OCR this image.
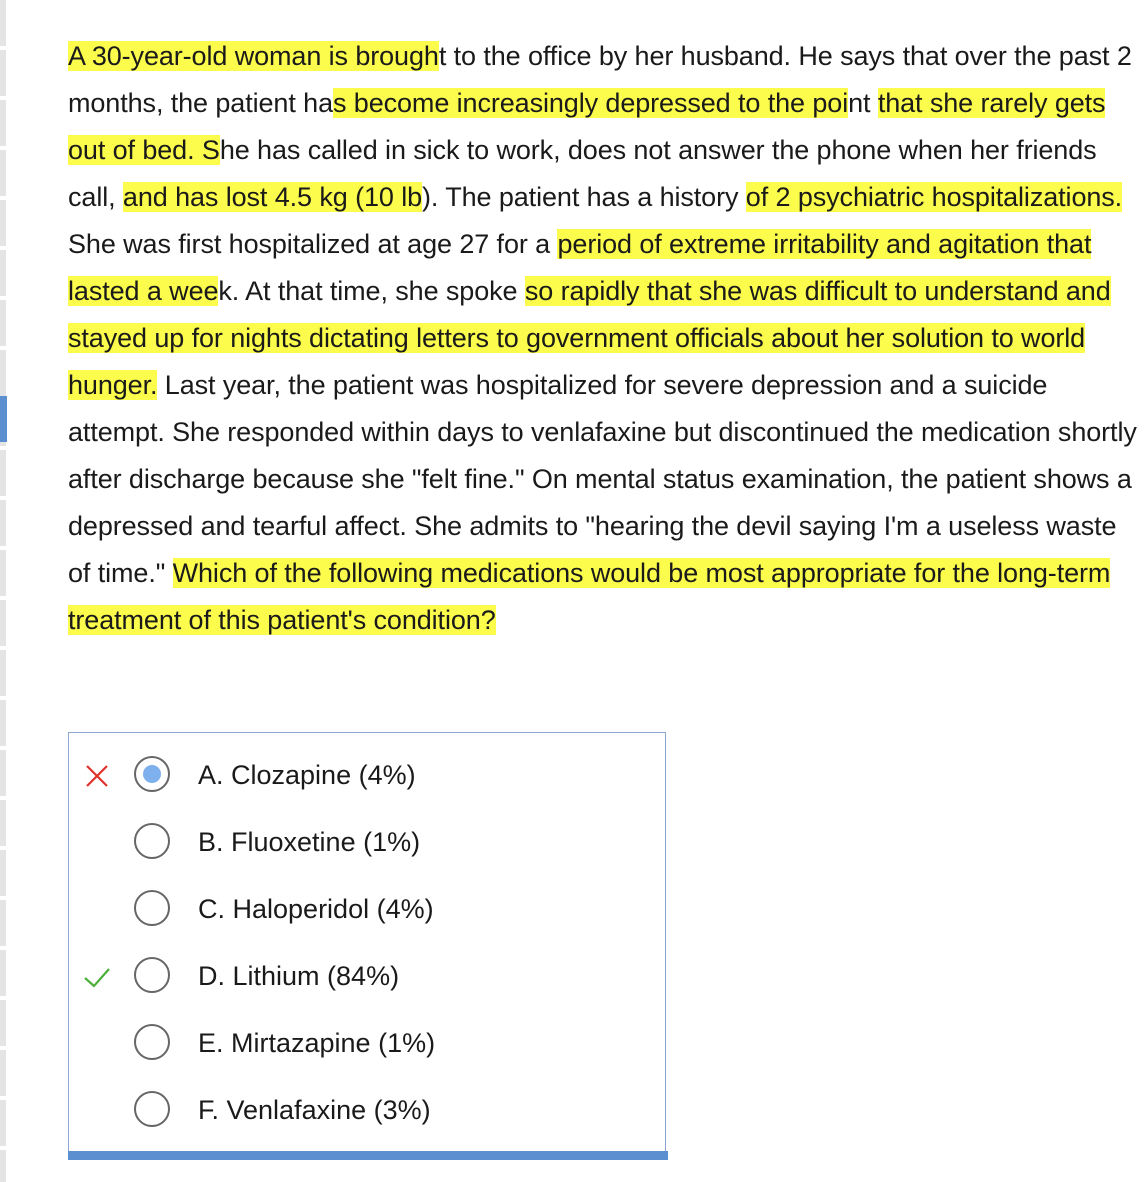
A 30-year-old woman is brought to the office by her husband. He says that over the past 2 months, the patient has become increasingly depressed to the point that she rarely gets out of bed. She has called in sick to work, does not answer the phone when her friends call, and has lost 4.5 kg (10 lb). The patient has a history of 2 psychiatric hospitalizations. She was first hospitalized at age 27 for a period of extreme irritability and agitation that lasted a week. At that time, she spoke so rapidly that she was difficult to understand and stayed up for nights dictating letters to government officials about her solution to world hunger. Last year, the patient was hospitalized for severe depression and a suicide attempt. She responded within days to venlafaxine but discontinued the medication shortly after discharge because she "felt fine." On mental status examination, the patient shows a depressed and tearful affect. She admits to "hearing the devil saying I'm a useless waste of time." Which of the following medications would be most appropriate for the long-term treatment of this patient's condition?
A. Clozapine (4%)
B. Fluoxetine (1%)
C. Haloperidol (4%)
D. Lithium (84%)
E. Mirtazapine (1%)
F. Venlafaxine (3%)
